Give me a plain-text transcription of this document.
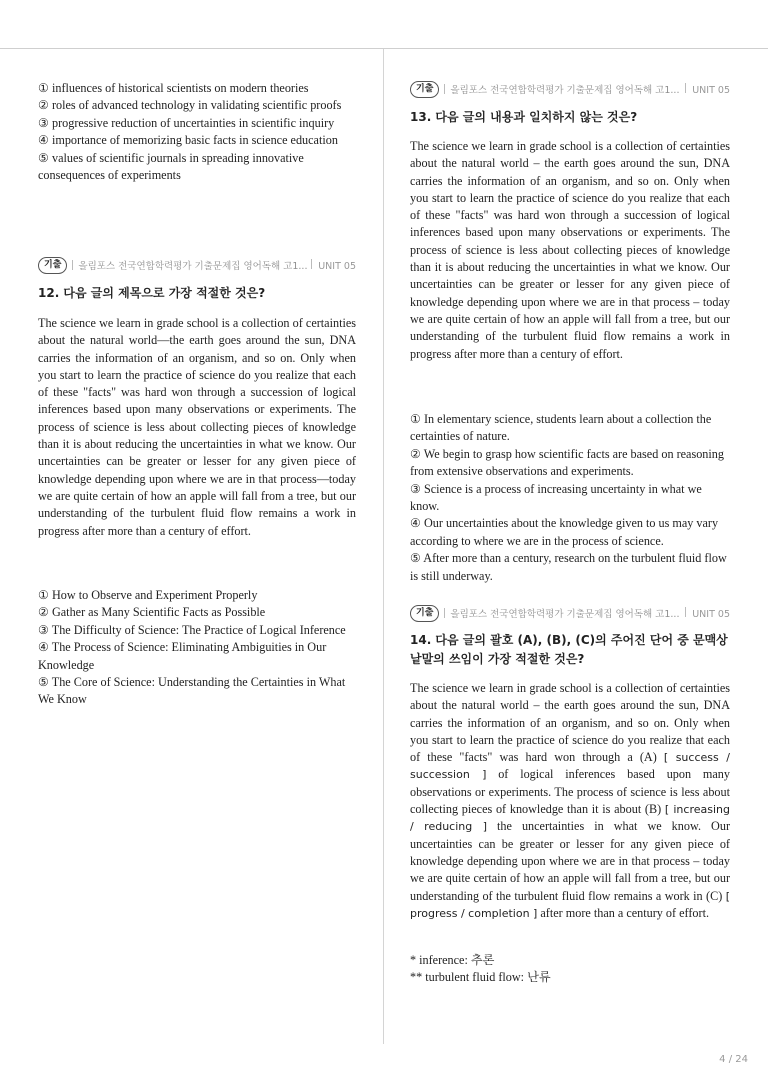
① influences of historical scientists on modern theories
② roles of advanced technology in validating scientific proofs
③ progressive reduction of uncertainties in scientific inquiry
④ importance of memorizing basic facts in science education
⑤ values of scientific journals in spreading innovative consequences of experiments
기출	올림포스 전국연합학력평가 기출문제집 영어독해 고1...	UNIT 05

12. 다음 글의 제목으로 가장 적절한 것은?

The science we learn in grade school is a collection of certainties about the natural world—the earth goes around the sun, DNA carries the information of an organism, and so on. Only when you start to learn the practice of science do you realize that each of these "facts" was hard won through a succession of logical inferences based upon many observations or experiments. The process of science is less about collecting pieces of knowledge than it is about reducing the uncertainties in what we know. Our uncertainties can be greater or lesser for any given piece of knowledge depending upon where we are in that process—today we are quite certain of how an apple will fall from a tree, but our understanding of the turbulent fluid flow remains a work in progress after more than a century of effort.

① How to Observe and Experiment Properly
② Gather as Many Scientific Facts as Possible
③ The Difficulty of Science: The Practice of Logical Inference
④ The Process of Science: Eliminating Ambiguities in Our Knowledge
⑤ The Core of Science: Understanding the Certainties in What We Know
기출	올림포스 전국연합학력평가 기출문제집 영어독해 고1...	UNIT 05

13. 다음 글의 내용과 일치하지 않는 것은?

The science we learn in grade school is a collection of certainties about the natural world – the earth goes around the sun, DNA carries the information of an organism, and so on. Only when you start to learn the practice of science do you realize that each of these "facts" was hard won through a succession of logical inferences based upon many observations or experiments. The process of science is less about collecting pieces of knowledge than it is about reducing the uncertainties in what we know. Our uncertainties can be greater or lesser for any given piece of knowledge depending upon where we are in that process – today we are quite certain of how an apple will fall from a tree, but our understanding of the turbulent fluid flow remains a work in progress after more than a century of effort.

① In elementary science, students learn about a collection the certainties of nature.
② We begin to grasp how scientific facts are based on reasoning from extensive observations and experiments.
③ Science is a process of increasing uncertainty in what we know.
④ Our uncertainties about the knowledge given to us may vary according to where we are in the process of science.
⑤ After more than a century, research on the turbulent fluid flow is still underway.
기출	올림포스 전국연합학력평가 기출문제집 영어독해 고1...	UNIT 05

14. 다음 글의 괄호 (A), (B), (C)의 주어진 단어 중 문맥상 낱말의 쓰임이 가장 적절한 것은?

The science we learn in grade school is a collection of certainties about the natural world – the earth goes around the sun, DNA carries the information of an organism, and so on. Only when you start to learn the practice of science do you realize that each of these "facts" was hard won through a (A) [ success / succession ] of logical inferences based upon many observations or experiments. The process of science is less about collecting pieces of knowledge than it is about (B) [ increasing / reducing ] the uncertainties in what we know. Our uncertainties can be greater or lesser for any given piece of knowledge depending upon where we are in that process – today we are quite certain of how an apple will fall from a tree, but our understanding of the turbulent fluid flow remains a work in (C) [ progress / completion ] after more than a century of effort.

* inference: 추론
** turbulent fluid flow: 난류
4 / 24
